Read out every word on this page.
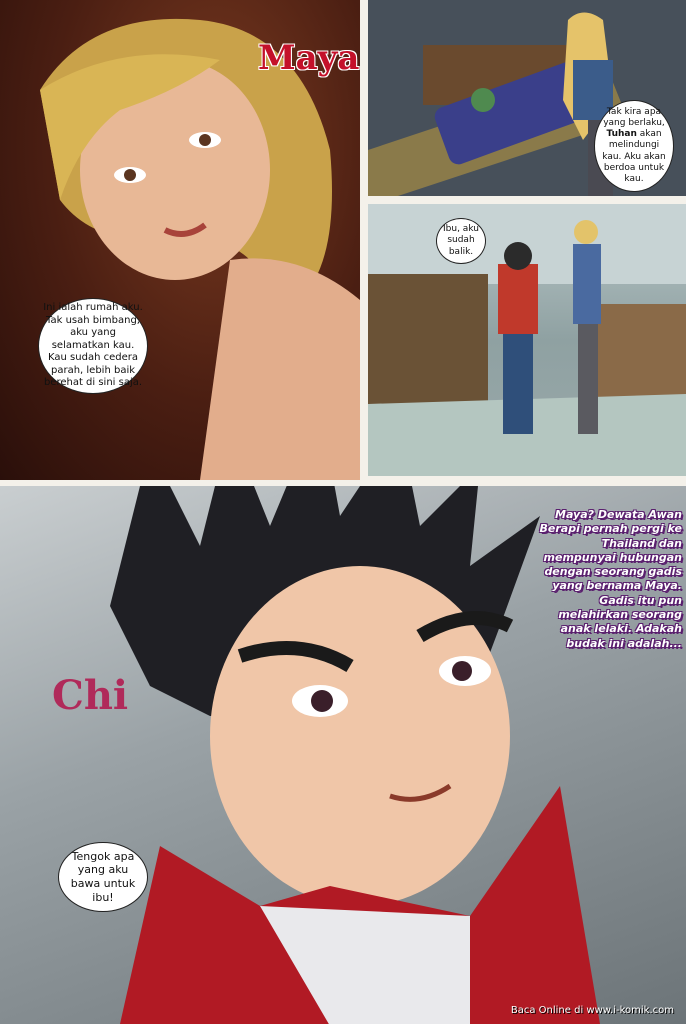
Tak kira apa yang berlaku, Tuhan akan melindungi kau. Aku akan berdoa untuk kau.
Ibu, aku sudah balik.
Maya
Chi
Ini ialah rumah aku. Tak usah bimbang, aku yang selamatkan kau. Kau sudah cedera parah, lebih baik berehat di sini saja.
Tengok apa yang aku bawa untuk ibu!
Maya? Dewata Awan Berapi pernah pergi ke Thailand dan mempunyai hubungan dengan seorang gadis yang bernama Maya. Gadis itu pun melahirkan seorang anak lelaki. Adakah budak ini adalah...
Baca Online di www.i-komik.com
